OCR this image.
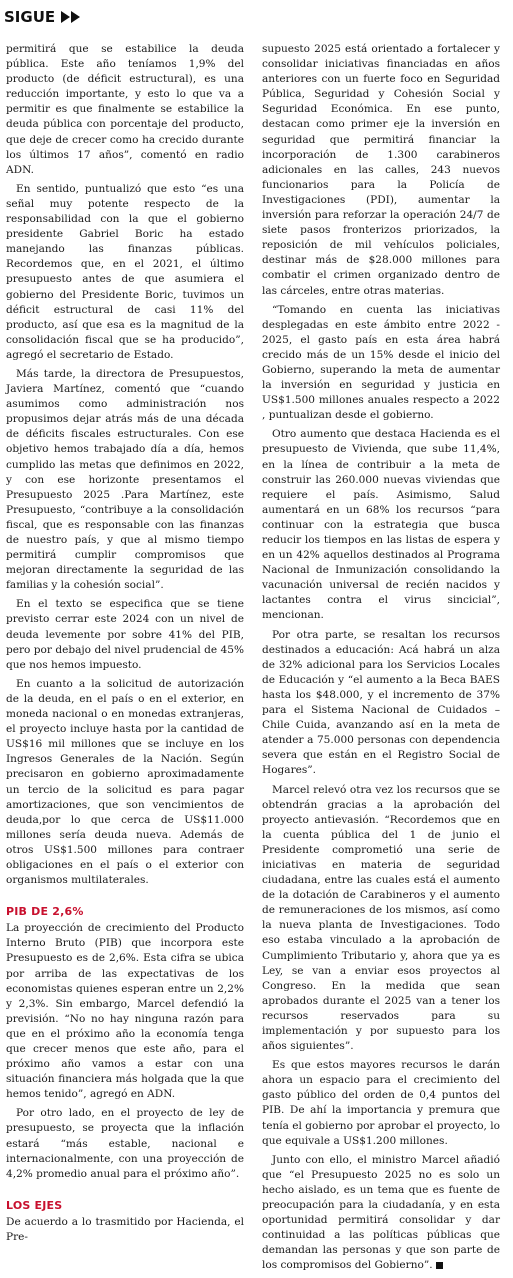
SIGUE

permitirá que se estabilice la deuda pública. Este año teníamos 1,9% del producto (de déficit estructural), es una reducción importante, y esto lo que va a permitir es que finalmente se estabilice la deuda pública con porcentaje del producto, que deje de crecer como ha crecido durante los últimos 17 años”, comentó en radio ADN.

En sentido, puntualizó que esto “es una señal muy potente respecto de la responsabilidad con la que el gobierno presidente Gabriel Boric ha estado manejando las finanzas públicas. Recordemos que, en el 2021, el último presupuesto antes de que asumiera el gobierno del Presidente Boric, tuvimos un déficit estructural de casi 11% del producto, así que esa es la magnitud de la consolidación fiscal que se ha producido”, agregó el secretario de Estado.

Más tarde, la directora de Presupuestos, Javiera Martínez, comentó que “cuando asumimos como administración nos propusimos dejar atrás más de una década de déficits fiscales estructurales. Con ese objetivo hemos trabajado día a día, hemos cumplido las metas que definimos en 2022, y con ese horizonte presentamos el Presupuesto 2025 .Para Martínez, este Presupuesto, “contribuye a la consolidación fiscal, que es responsable con las finanzas de nuestro país, y que al mismo tiempo permitirá cumplir compromisos que mejoran directamente la seguridad de las familias y la cohesión social”.

En el texto se especifica que se tiene previsto cerrar este 2024 con un nivel de deuda levemente por sobre 41% del PIB, pero por debajo del nivel prudencial de 45% que nos hemos impuesto.

En cuanto a la solicitud de autorización de la deuda, en el país o en el exterior, en moneda nacional o en monedas extranjeras, el proyecto incluye hasta por la cantidad de US$16 mil millones que se incluye en los Ingresos Generales de la Nación. Según precisaron en gobierno aproximadamente un tercio de la solicitud es para pagar amortizaciones, que son vencimientos de deuda,por lo que cerca de US$11.000 millones sería deuda nueva. Además de otros US$1.500 millones para contraer obligaciones en el país o el exterior con organismos multilaterales.

PIB DE 2,6%

La proyección de crecimiento del Producto Interno Bruto (PIB) que incorpora este Presupuesto es de 2,6%. Esta cifra se ubica por arriba de las expectativas de los economistas quienes esperan entre un 2,2% y 2,3%. Sin embargo, Marcel defendió la previsión. “No no hay ninguna razón para que en el próximo año la economía tenga que crecer menos que este año, para el próximo año vamos a estar con una situación financiera más holgada que la que hemos tenido”, agregó en ADN.

Por otro lado, en el proyecto de ley de presupuesto, se proyecta que la inflación estará “más estable, nacional e internacionalmente, con una proyección de 4,2% promedio anual para el próximo año”.

LOS EJES

De acuerdo a lo trasmitido por Hacienda, el Pre-

supuesto 2025 está orientado a fortalecer y consolidar iniciativas financiadas en años anteriores con un fuerte foco en Seguridad Pública, Seguridad y Cohesión Social y Seguridad Económica. En ese punto, destacan como primer eje la inversión en seguridad que permitirá financiar la incorporación de 1.300 carabineros adicionales en las calles, 243 nuevos funcionarios para la Policía de Investigaciones (PDI), aumentar la inversión para reforzar la operación 24/7 de siete pasos fronterizos priorizados, la reposición de mil vehículos policiales, destinar más de $28.000 millones para combatir el crimen organizado dentro de las cárceles, entre otras materias.

“Tomando en cuenta las iniciativas desplegadas en este ámbito entre 2022 - 2025, el gasto país en esta área habrá crecido más de un 15% desde el inicio del Gobierno, superando la meta de aumentar la inversión en seguridad y justicia en US$1.500 millones anuales respecto a 2022 , puntualizan desde el gobierno.

Otro aumento que destaca Hacienda es el presupuesto de Vivienda, que sube 11,4%, en la línea de contribuir a la meta de construir las 260.000 nuevas viviendas que requiere el país. Asimismo, Salud aumentará en un 68% los recursos “para continuar con la estrategia que busca reducir los tiempos en las listas de espera y en un 42% aquellos destinados al Programa Nacional de Inmunización consolidando la vacunación universal de recién nacidos y lactantes contra el virus sincicial”, mencionan.

Por otra parte, se resaltan los recursos destinados a educación: Acá habrá un alza de 32% adicional para los Servicios Locales de Educación y “el aumento a la Beca BAES hasta los $48.000, y el incremento de 37% para el Sistema Nacional de Cuidados – Chile Cuida, avanzando así en la meta de atender a 75.000 personas con dependencia severa que están en el Registro Social de Hogares”.

Marcel relevó otra vez los recursos que se obtendrán gracias a la aprobación del proyecto antievasión. “Recordemos que en la cuenta pública del 1 de junio el Presidente comprometió una serie de iniciativas en materia de seguridad ciudadana, entre las cuales está el aumento de la dotación de Carabineros y el aumento de remuneraciones de los mismos, así como la nueva planta de Investigaciones. Todo eso estaba vinculado a la aprobación de Cumplimiento Tributario y, ahora que ya es Ley, se van a enviar esos proyectos al Congreso. En la medida que sean aprobados durante el 2025 van a tener los recursos reservados para su implementación y por supuesto para los años siguientes”.

Es que estos mayores recursos le darán ahora un espacio para el crecimiento del gasto público del orden de 0,4 puntos del PIB. De ahí la importancia y premura que tenía el gobierno por aprobar el proyecto, lo que equivale a US$1.200 millones.

Junto con ello, el ministro Marcel añadió que “el Presupuesto 2025 no es solo un hecho aislado, es un tema que es fuente de preocupación para la ciudadanía, y en esta oportunidad permitirá consolidar y dar continuidad a las políticas públicas que demandan las personas y que son parte de los compromisos del Gobierno”.
